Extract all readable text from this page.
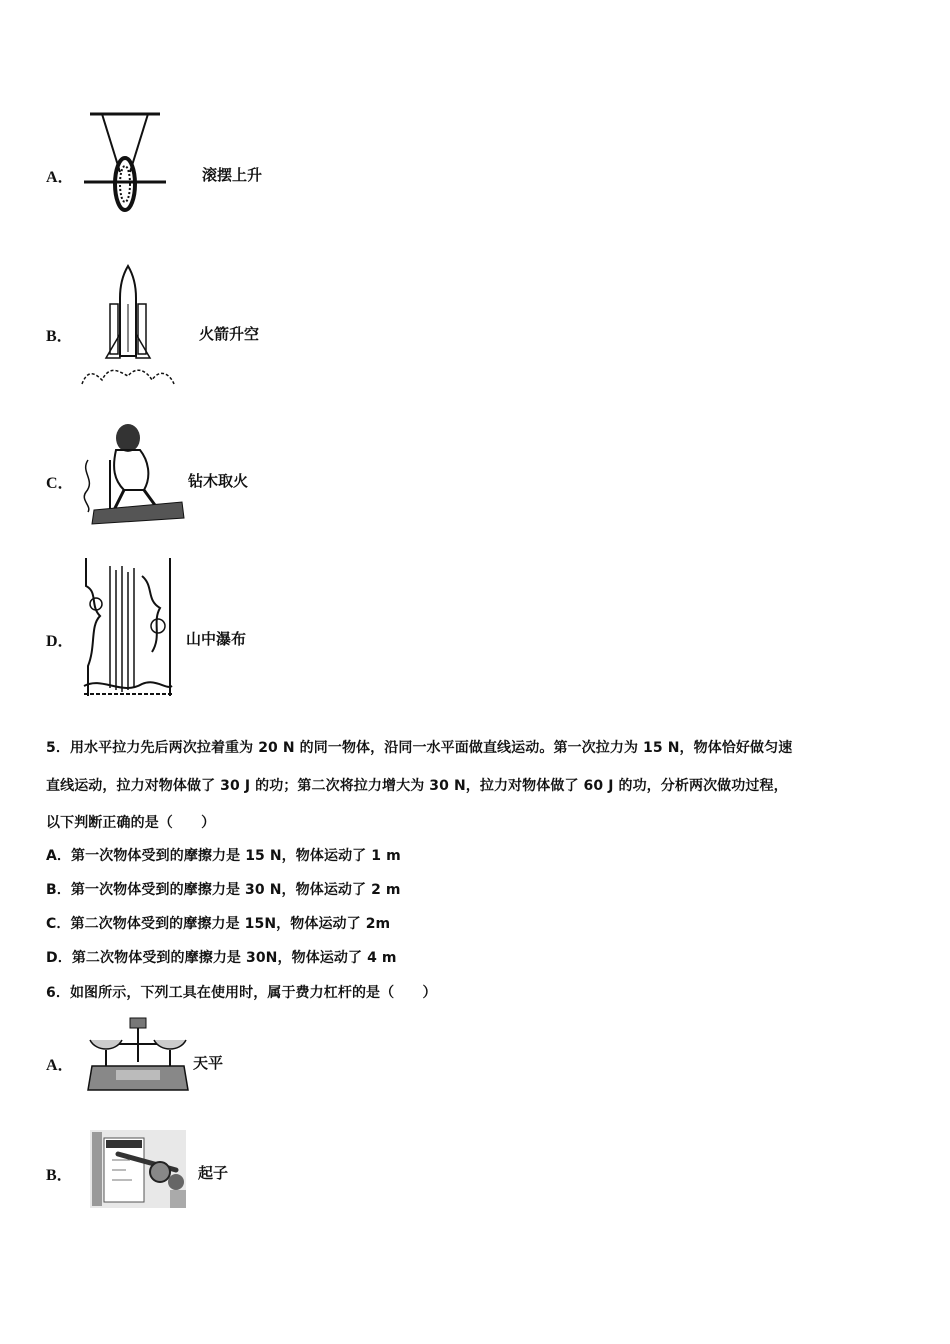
A．	滚摆上升
B．	火箭升空
C．	钻木取火
D．	山中瀑布
5．用水平拉力先后两次拉着重为 20 N 的同一物体，沿同一水平面做直线运动。第一次拉力为 15 N，物体恰好做匀速
直线运动，拉力对物体做了 30 J 的功；第二次将拉力增大为 30 N，拉力对物体做了 60 J 的功，分析两次做功过程，
以下判断正确的是（　　）
A．第一次物体受到的摩擦力是 15 N，物体运动了 1 m
B．第一次物体受到的摩擦力是 30 N，物体运动了 2 m
C．第二次物体受到的摩擦力是 15N，物体运动了 2m
D．第二次物体受到的摩擦力是 30N，物体运动了 4 m
6．如图所示，下列工具在使用时，属于费力杠杆的是（　　）
A．	天平
B．	起子
